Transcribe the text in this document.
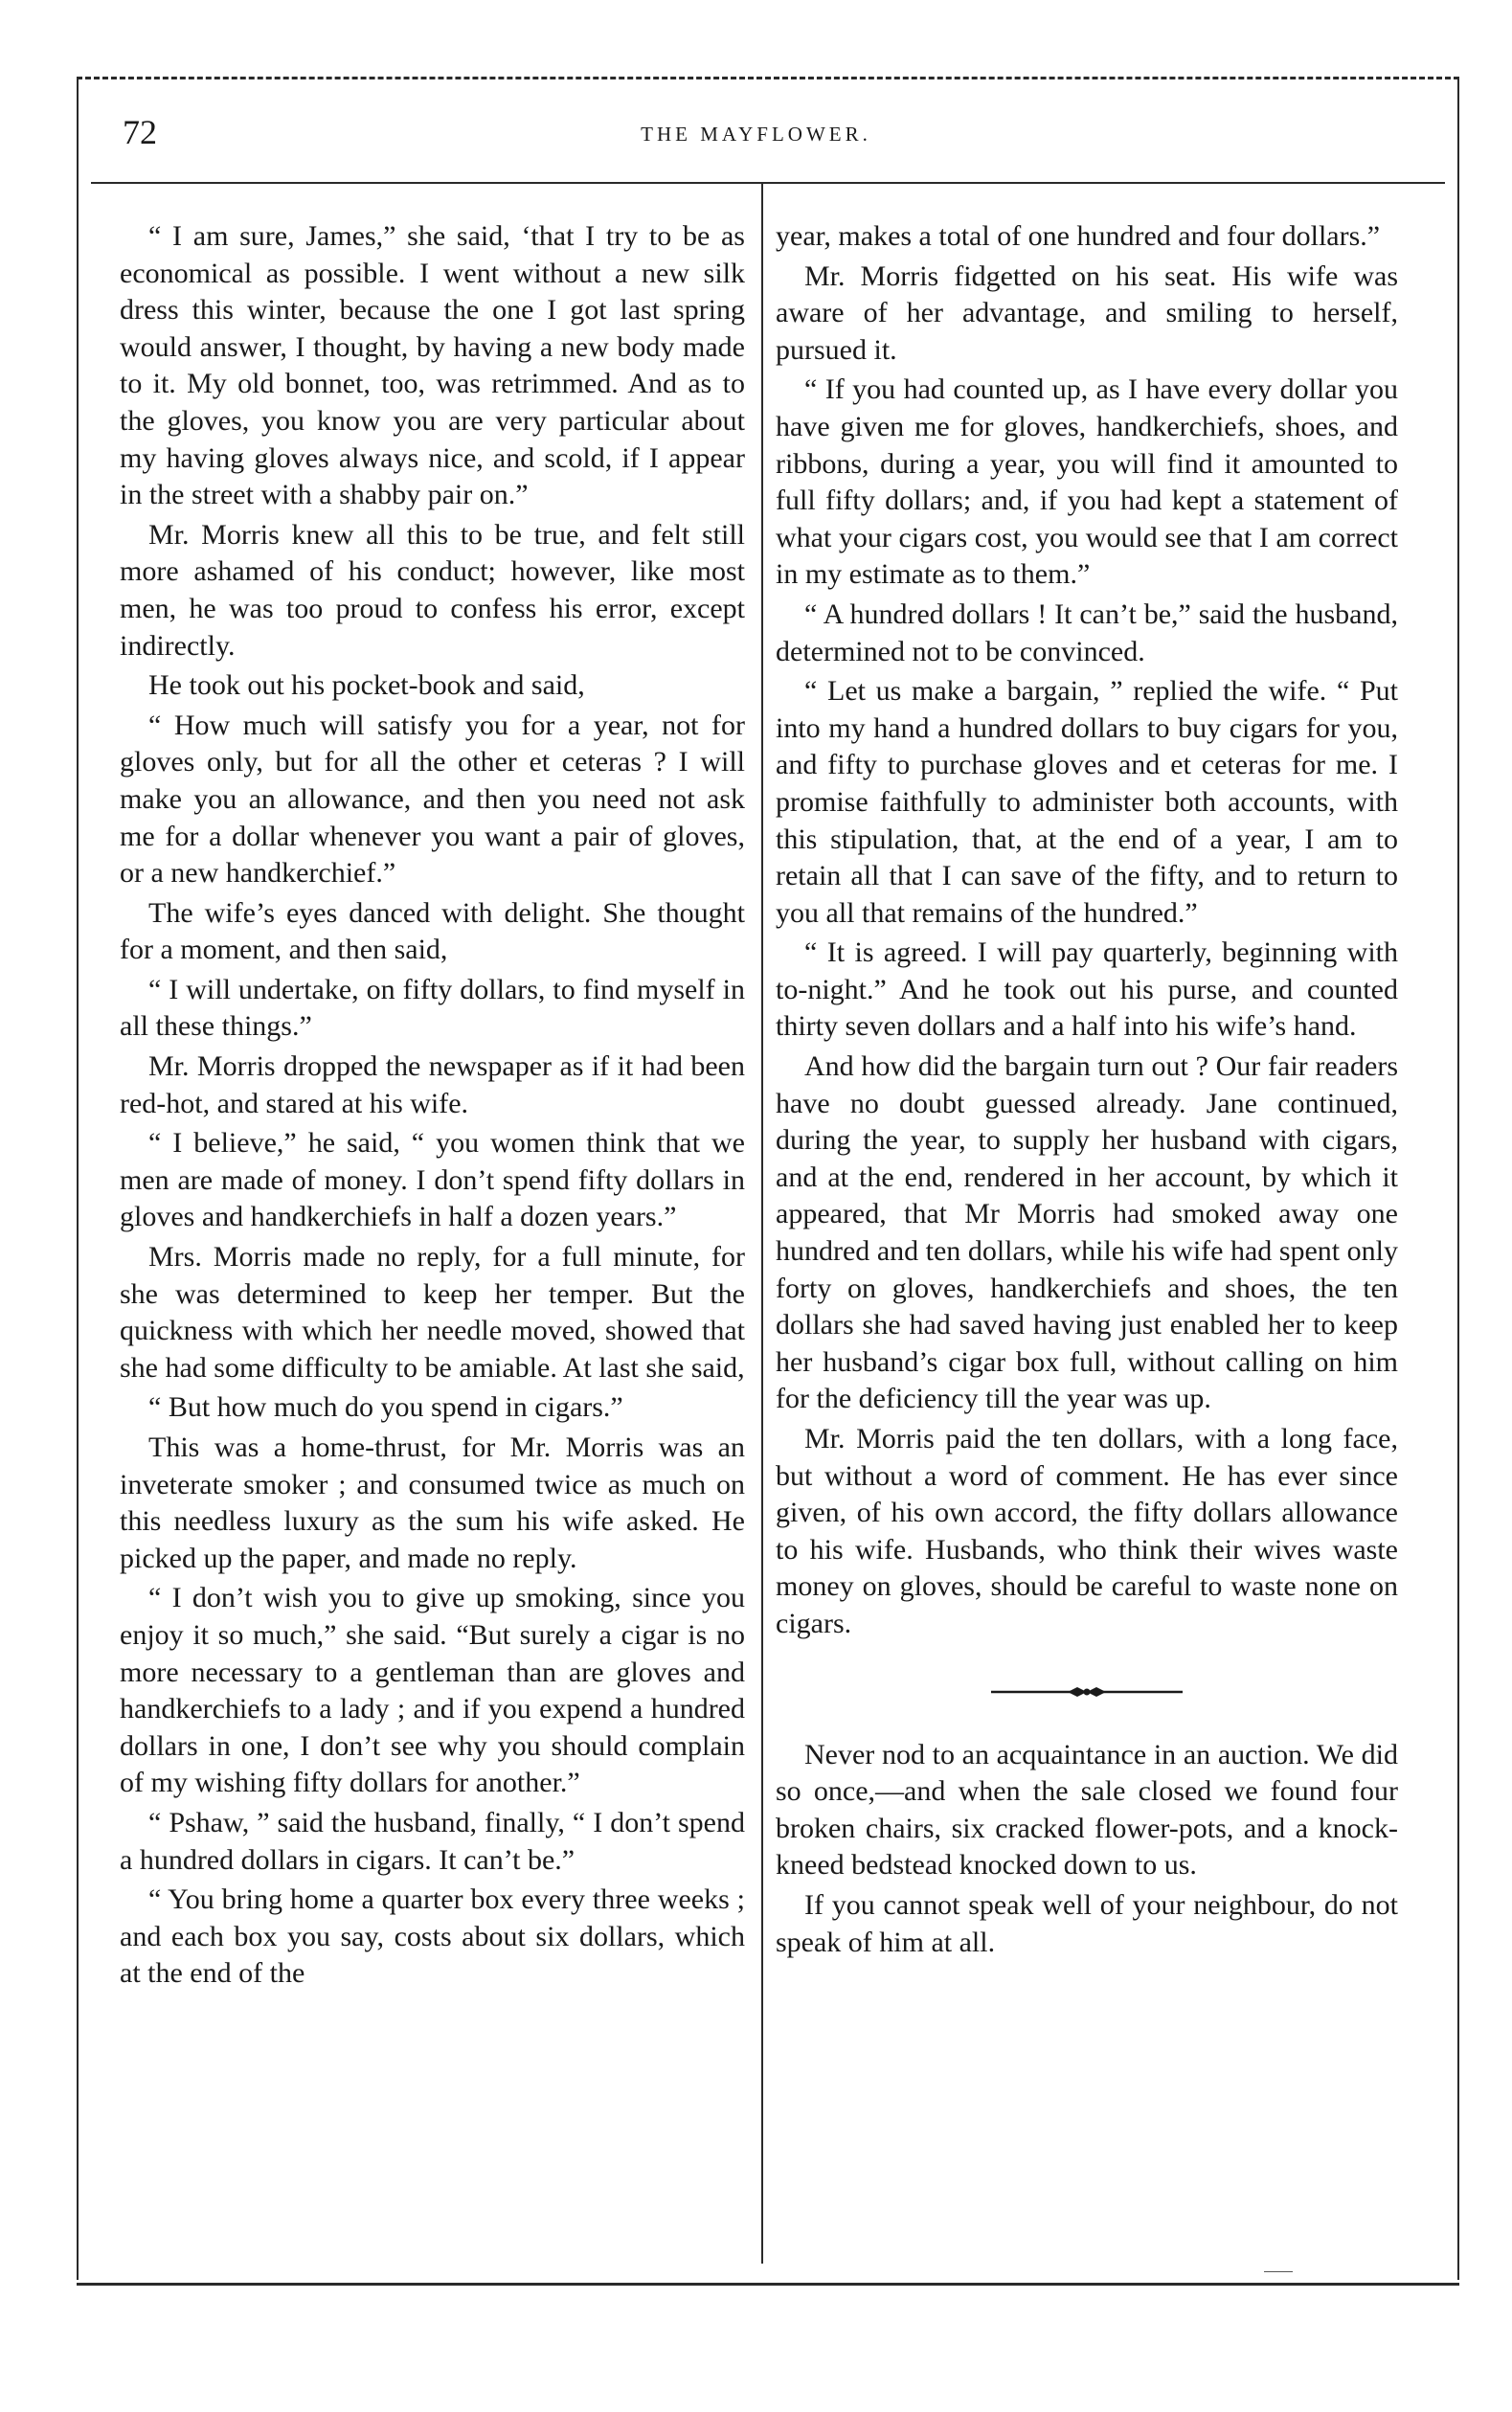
72	THE MAYFLOWER.

“ I am sure, James,” she said, ‘that I try to be as economical as possible. I went without a new silk dress this winter, because the one I got last spring would answer, I thought, by having a new body made to it. My old bonnet, too, was retrimmed. And as to the gloves, you know you are very particular about my having gloves always nice, and scold, if I appear in the street with a shabby pair on.”

Mr. Morris knew all this to be true, and felt still more ashamed of his conduct; however, like most men, he was too proud to confess his error, except indirectly.

He took out his pocket-book and said,

“ How much will satisfy you for a year, not for gloves only, but for all the other et ceteras ? I will make you an allowance, and then you need not ask me for a dollar whenever you want a pair of gloves, or a new handkerchief.”

The wife’s eyes danced with delight. She thought for a moment, and then said,

“ I will undertake, on fifty dollars, to find myself in all these things.”

Mr. Morris dropped the newspaper as if it had been red-hot, and stared at his wife.

“ I believe,” he said, “ you women think that we men are made of money. I don’t spend fifty dollars in gloves and handkerchiefs in half a dozen years.”

Mrs. Morris made no reply, for a full minute, for she was determined to keep her temper. But the quickness with which her needle moved, showed that she had some difficulty to be amiable. At last she said,

“ But how much do you spend in cigars.”

This was a home-thrust, for Mr. Morris was an inveterate smoker ; and consumed twice as much on this needless luxury as the sum his wife asked. He picked up the paper, and made no reply.

“ I don’t wish you to give up smoking, since you enjoy it so much,” she said. “But surely a cigar is no more necessary to a gentleman than are gloves and handkerchiefs to a lady ; and if you expend a hundred dollars in one, I don’t see why you should complain of my wishing fifty dollars for another.”

“ Pshaw, ” said the husband, finally, “ I don’t spend a hundred dollars in cigars. It can’t be.”

“ You bring home a quarter box every three weeks ; and each box you say, costs about six dollars, which at the end of the

year, makes a total of one hundred and four dollars.”

Mr. Morris fidgetted on his seat. His wife was aware of her advantage, and smiling to herself, pursued it.

“ If you had counted up, as I have every dollar you have given me for gloves, handkerchiefs, shoes, and ribbons, during a year, you will find it amounted to full fifty dollars; and, if you had kept a statement of what your cigars cost, you would see that I am correct in my estimate as to them.”

“ A hundred dollars ! It can’t be,” said the husband, determined not to be convinced.

“ Let us make a bargain, ” replied the wife. “ Put into my hand a hundred dollars to buy cigars for you, and fifty to purchase gloves and et ceteras for me. I promise faithfully to administer both accounts, with this stipulation, that, at the end of a year, I am to retain all that I can save of the fifty, and to return to you all that remains of the hundred.”

“ It is agreed. I will pay quarterly, beginning with to-night.” And he took out his purse, and counted thirty seven dollars and a half into his wife’s hand.

And how did the bargain turn out ? Our fair readers have no doubt guessed already. Jane continued, during the year, to supply her husband with cigars, and at the end, rendered in her account, by which it appeared, that Mr Morris had smoked away one hundred and ten dollars, while his wife had spent only forty on gloves, handkerchiefs and shoes, the ten dollars she had saved having just enabled her to keep her husband’s cigar box full, without calling on him for the deficiency till the year was up.

Mr. Morris paid the ten dollars, with a long face, but without a word of comment. He has ever since given, of his own accord, the fifty dollars allowance to his wife. Husbands, who think their wives waste money on gloves, should be careful to waste none on cigars.

Never nod to an acquaintance in an auction. We did so once,—and when the sale closed we found four broken chairs, six cracked flower-pots, and a knock-kneed bedstead knocked down to us.

If you cannot speak well of your neighbour, do not speak of him at all.
